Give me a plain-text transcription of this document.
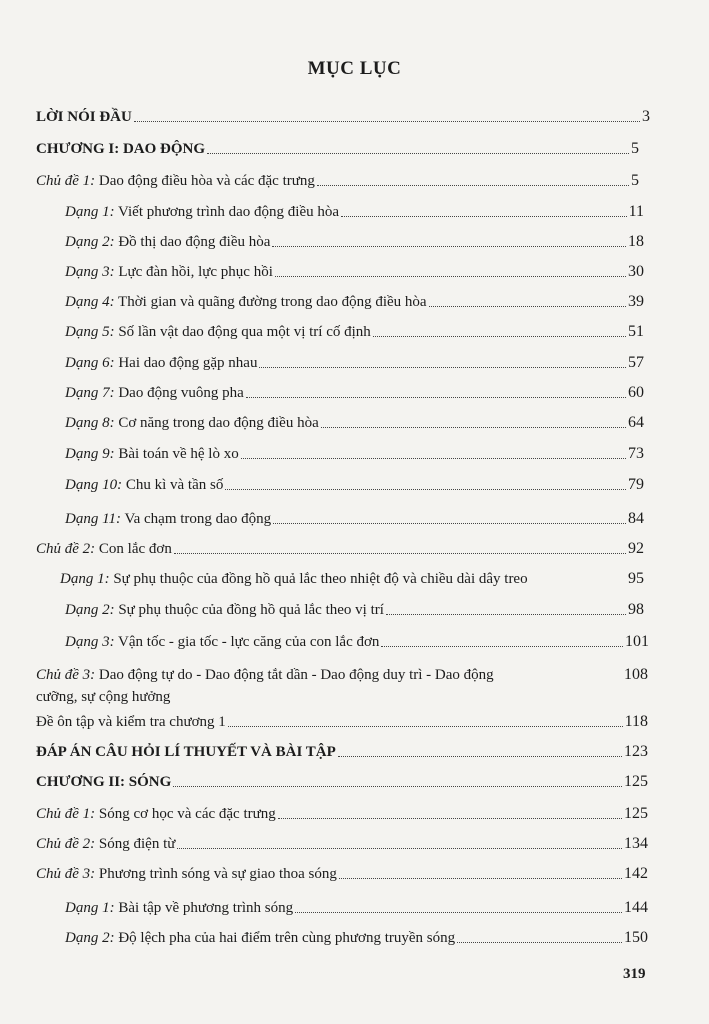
MỤC LỤC
LỜI NÓI ĐẦU	3
CHƯƠNG I: DAO ĐỘNG	5
Chủ đề 1: Dao động điều hòa và các đặc trưng	5
Dạng 1: Viết phương trình dao động điều hòa	11
Dạng 2: Đồ thị dao động điều hòa	18
Dạng 3: Lực đàn hồi, lực phục hồi	30
Dạng 4: Thời gian và quãng đường trong dao động điều hòa	39
Dạng 5: Số lần vật dao động qua một vị trí cố định	51
Dạng 6: Hai dao động gặp nhau	57
Dạng 7: Dao động vuông pha	60
Dạng 8: Cơ năng trong dao động điều hòa	64
Dạng 9: Bài toán về hệ lò xo	73
Dạng 10: Chu kì và tần số	79
Dạng 11: Va chạm trong dao động	84
Chủ đề 2: Con lắc đơn	92
Dạng 1: Sự phụ thuộc của đồng hồ quả lắc theo nhiệt độ và chiều dài dây treo	95
Dạng 2: Sự phụ thuộc của đồng hồ quả lắc theo vị trí	98
Dạng 3: Vận tốc - gia tốc - lực căng của con lắc đơn	101
Chủ đề 3: Dao động tự do - Dao động tắt dần - Dao động duy trì - Dao động	108
cưỡng, sự cộng hưởng
Đề ôn tập và kiểm tra chương 1	118
ĐÁP ÁN CÂU HỎI LÍ THUYẾT VÀ BÀI TẬP	123
CHƯƠNG II: SÓNG	125
Chủ đề 1: Sóng cơ học và các đặc trưng	125
Chủ đề 2: Sóng điện từ	134
Chủ đề 3: Phương trình sóng và sự giao thoa sóng	142
Dạng 1: Bài tập về phương trình sóng	144
Dạng 2: Độ lệch pha của hai điểm trên cùng phương truyền sóng	150
319
